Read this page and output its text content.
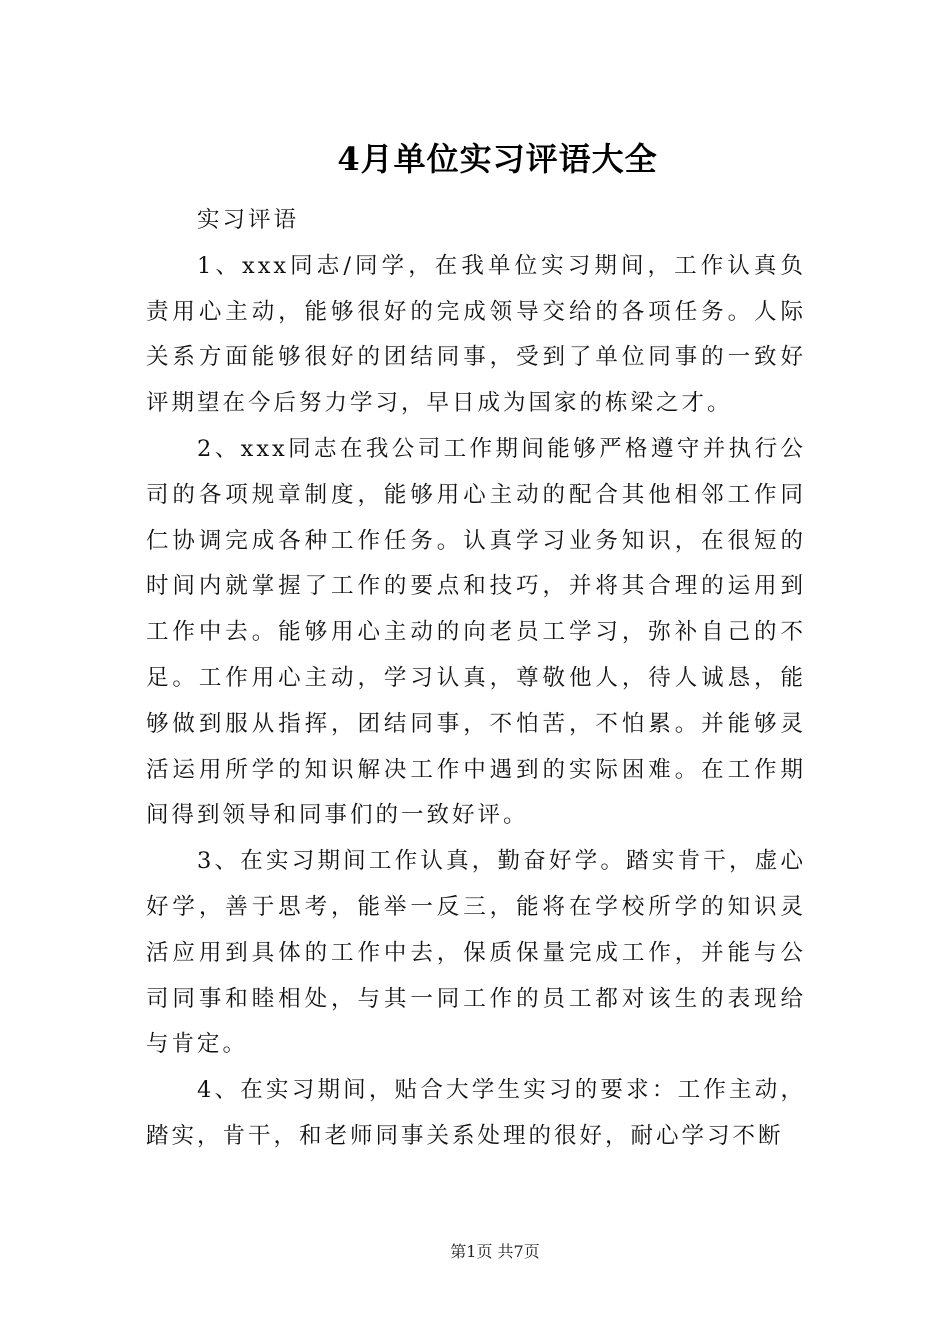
4月单位实习评语大全

实习评语

1、xxx同志/同学，在我单位实习期间，工作认真负责用心主动，能够很好的完成领导交给的各项任务。人际关系方面能够很好的团结同事，受到了单位同事的一致好评期望在今后努力学习，早日成为国家的栋梁之才。

2、xxx同志在我公司工作期间能够严格遵守并执行公司的各项规章制度，能够用心主动的配合其他相邻工作同仁协调完成各种工作任务。认真学习业务知识，在很短的时间内就掌握了工作的要点和技巧，并将其合理的运用到工作中去。能够用心主动的向老员工学习，弥补自己的不足。工作用心主动，学习认真，尊敬他人，待人诚恳，能够做到服从指挥，团结同事，不怕苦，不怕累。并能够灵活运用所学的知识解决工作中遇到的实际困难。在工作期间得到领导和同事们的一致好评。

3、在实习期间工作认真，勤奋好学。踏实肯干，虚心好学，善于思考，能举一反三，能将在学校所学的知识灵活应用到具体的工作中去，保质保量完成工作，并能与公司同事和睦相处，与其一同工作的员工都对该生的表现给与肯定。

4、在实习期间，贴合大学生实习的要求：工作主动，踏实，肯干，和老师同事关系处理的很好，耐心学习不断

第1页 共7页
